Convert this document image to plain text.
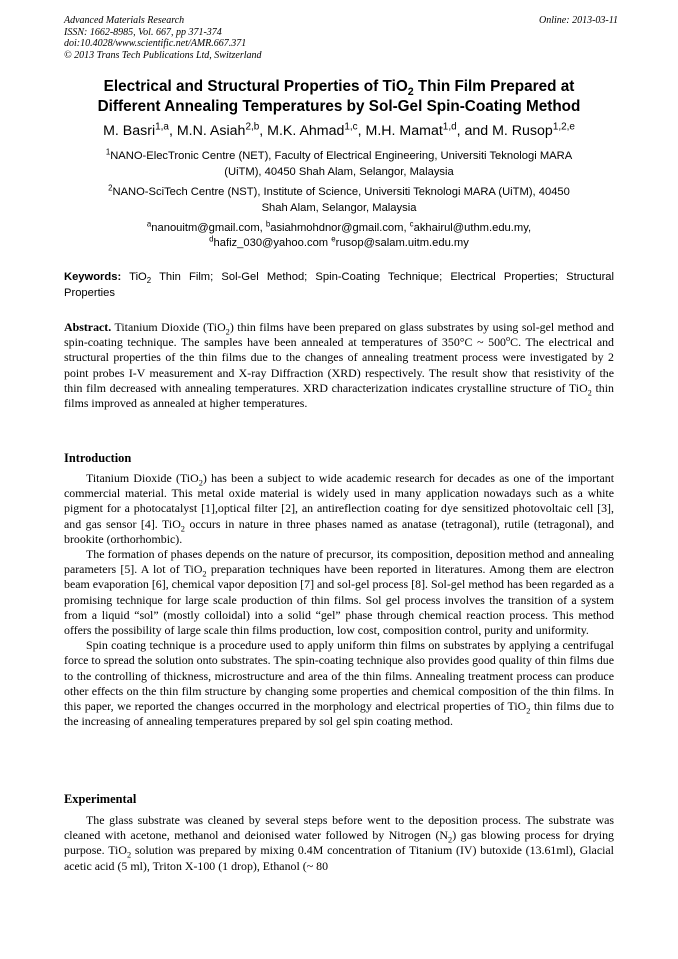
Advanced Materials Research
ISSN: 1662-8985, Vol. 667, pp 371-374
doi:10.4028/www.scientific.net/AMR.667.371
© 2013 Trans Tech Publications Ltd, Switzerland
Online: 2013-03-11
Electrical and Structural Properties of TiO$_2$ Thin Film Prepared at
Different Annealing Temperatures by Sol-Gel Spin-Coating Method
M. Basri$^{1,a}$, M.N. Asiah$^{2,b}$, M.K. Ahmad$^{1,c}$, M.H. Mamat$^{1,d}$, and M. Rusop$^{1,2,e}$
$^1$NANO-ElecTronic Centre (NET), Faculty of Electrical Engineering, Universiti Teknologi MARA
(UiTM), 40450 Shah Alam, Selangor, Malaysia
$^2$NANO-SciTech Centre (NST), Institute of Science, Universiti Teknologi MARA (UiTM), 40450
Shah Alam, Selangor, Malaysia
$^a$nanouitm@gmail.com, $^b$asiahmohdnor@gmail.com, $^c$akhairul@uthm.edu.my,
$^d$hafiz_030@yahoo.com $^e$rusop@salam.uitm.edu.my
Keywords: TiO$_2$ Thin Film; Sol-Gel Method; Spin-Coating Technique; Electrical Properties; Structural Properties

Abstract. Titanium Dioxide (TiO$_2$) thin films have been prepared on glass substrates by using sol-gel method and spin-coating technique. The samples have been annealed at temperatures of 350°C ~ 500$^o$C. The electrical and structural properties of the thin films due to the changes of annealing treatment process were investigated by 2 point probes I-V measurement and X-ray Diffraction (XRD) respectively. The result show that resistivity of the thin film decreased with annealing temperatures. XRD characterization indicates crystalline structure of TiO$_2$ thin films improved as annealed at higher temperatures.

Introduction

Titanium Dioxide (TiO$_2$) has been a subject to wide academic research for decades as one of the important commercial material. This metal oxide material is widely used in many application nowadays such as a white pigment for a photocatalyst [1],optical filter [2], an antireflection coating for dye sensitized photovoltaic cell [3], and gas sensor [4]. TiO$_2$ occurs in nature in three phases named as anatase (tetragonal), rutile (tetragonal), and brookite (orthorhombic).

The formation of phases depends on the nature of precursor, its composition, deposition method and annealing parameters [5]. A lot of TiO$_2$ preparation techniques have been reported in literatures. Among them are electron beam evaporation [6], chemical vapor deposition [7] and sol-gel process [8]. Sol-gel method has been regarded as a promising technique for large scale production of thin films. Sol gel process involves the transition of a system from a liquid “sol” (mostly colloidal) into a solid “gel” phase through chemical reaction process. This method offers the possibility of large scale thin films production, low cost, composition control, purity and uniformity.

Spin coating technique is a procedure used to apply uniform thin films on substrates by applying a centrifugal force to spread the solution onto substrates. The spin-coating technique also provides good quality of thin films due to the controlling of thickness, microstructure and area of the thin films. Annealing treatment process can produce other effects on the thin film structure by changing some properties and chemical composition of the thin films. In this paper, we reported the changes occurred in the morphology and electrical properties of TiO$_2$ thin films due to the increasing of annealing temperatures prepared by sol gel spin coating method.

Experimental

The glass substrate was cleaned by several steps before went to the deposition process. The substrate was cleaned with acetone, methanol and deionised water followed by Nitrogen $(N_2)$ gas blowing process for drying purpose. TiO$_2$ solution was prepared by mixing 0.4M concentration of Titanium (IV) butoxide (13.61ml), Glacial acetic acid (5 ml), Triton X-100 (1 drop), Ethanol (~ 80
